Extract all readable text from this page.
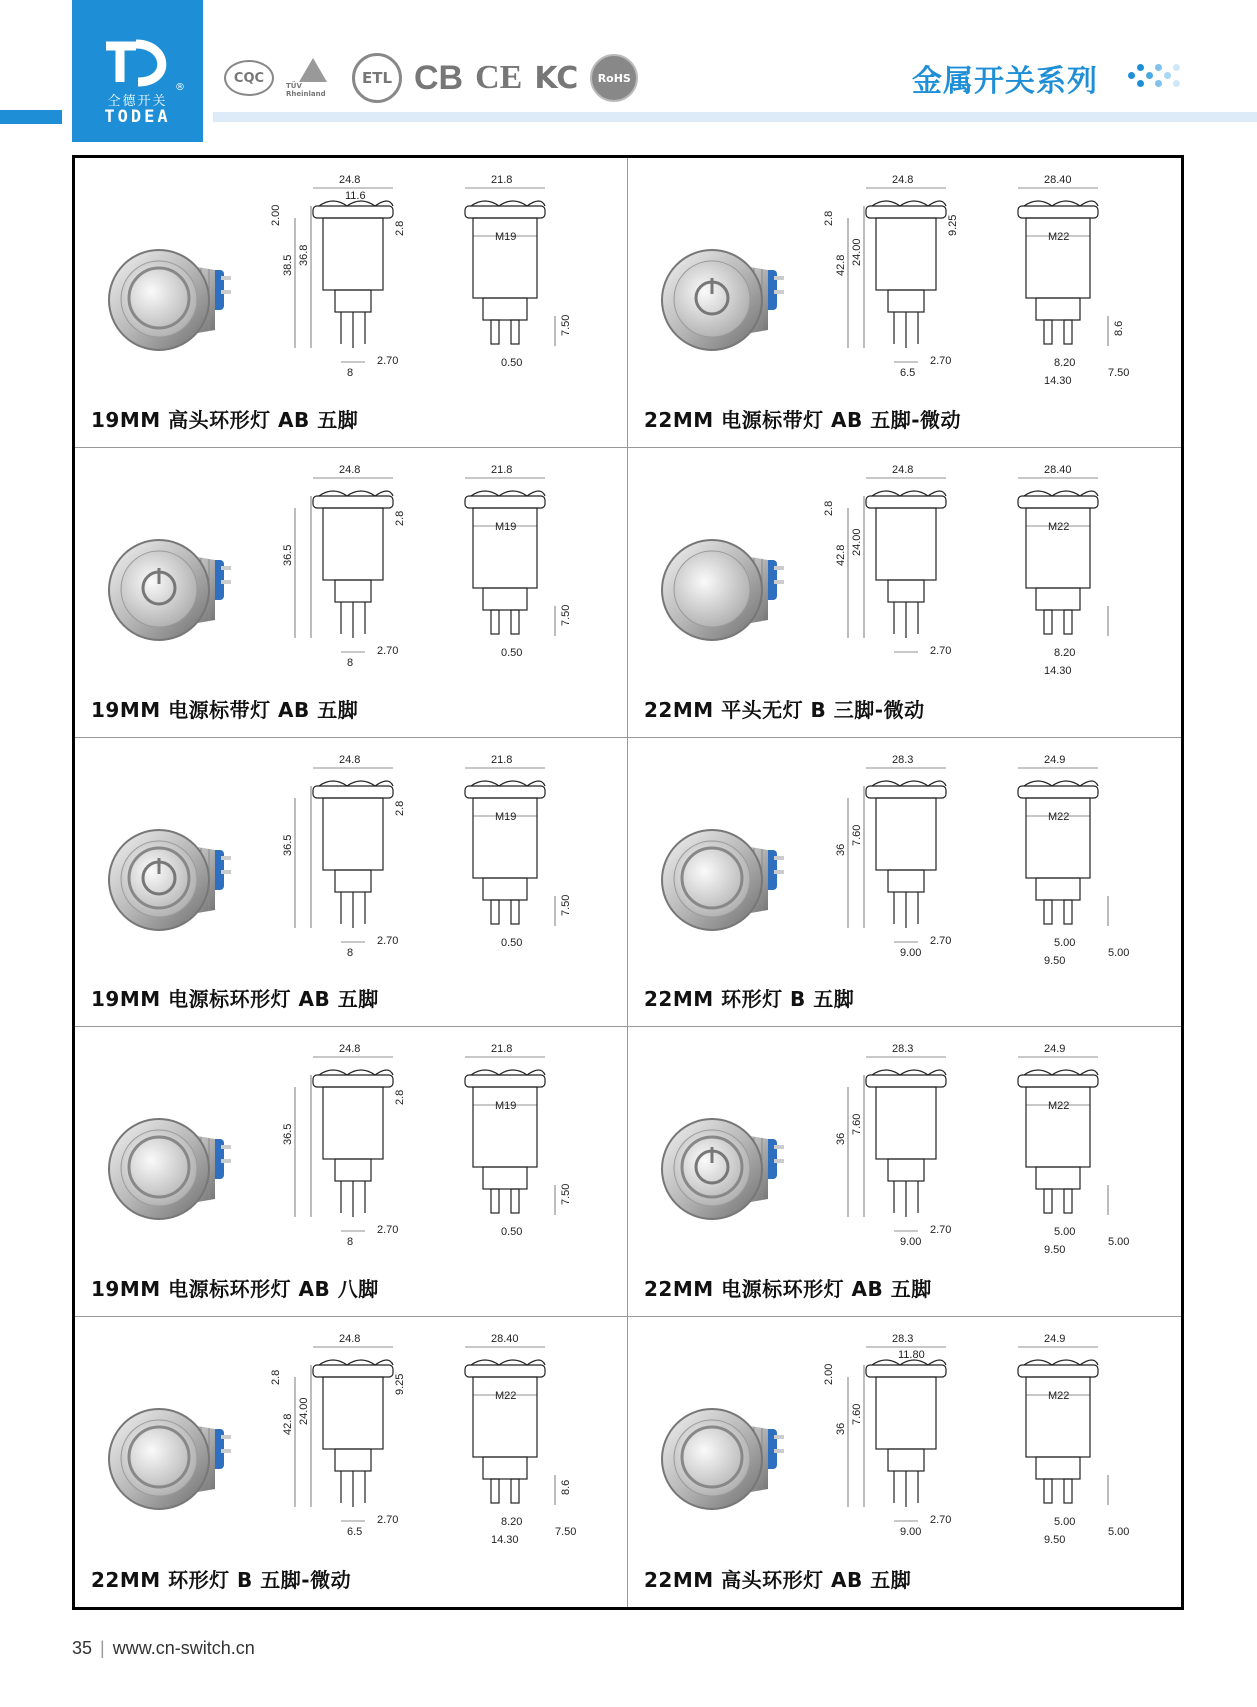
®
仝德开关
TODEA
CQC
TÜV Rheinland
ETL CB CE KC	RoHS	金属开关系列
24.8
11.6
38.5 36.8
2.8
2.00
2.70
8
21.8
M19
7.50
0.50
19MM 高头环形灯 AB 五脚
24.8
42.8 24.00
9.25
2.8
2.70
6.5
28.40
M22
8.6
8.20
7.50
14.30
22MM 电源标带灯 AB 五脚-微动
24.8
36.5
2.8
2.70
8
21.8
M19
7.50
0.50
19MM 电源标带灯 AB 五脚
24.8
42.8 24.00
2.8
2.70
28.40
M22
8.20
14.30
22MM 平头无灯 B 三脚-微动
24.8
36.5
2.8
2.70
8
21.8
M19
7.50
0.50
19MM 电源标环形灯 AB 五脚
28.3
36
7.60
2.70
9.00
24.9
M22
5.00
5.00
9.50
22MM 环形灯 B 五脚
24.8
36.5
2.8
2.70
8
21.8
M19
7.50
0.50
19MM 电源标环形灯 AB 八脚
28.3
36
7.60
2.70
9.00
24.9
M22
5.00
5.00
9.50
22MM 电源标环形灯 AB 五脚
24.8
42.8 24.00
9.25
2.8
2.70
6.5
28.40
M22
8.6
8.20
7.50
14.30
22MM 环形灯 B 五脚-微动
28.3
11.80
36
7.60
2.00
2.70
9.00
24.9
M22
5.00
5.00
9.50
22MM 高头环形灯 AB 五脚
35 | www.cn-switch.cn
